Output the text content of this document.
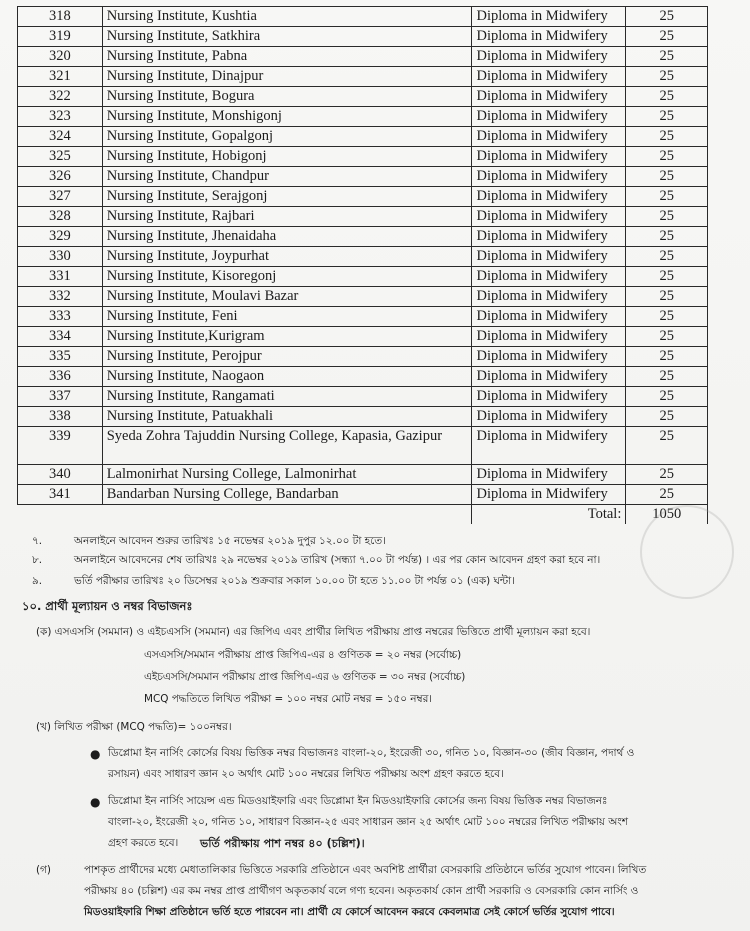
318	Nursing Institute, Kushtia	Diploma in Midwifery	25
319	Nursing Institute, Satkhira	Diploma in Midwifery	25
320	Nursing Institute, Pabna	Diploma in Midwifery	25
321	Nursing Institute, Dinajpur	Diploma in Midwifery	25
322	Nursing Institute, Bogura	Diploma in Midwifery	25
323	Nursing Institute, Monshigonj	Diploma in Midwifery	25
324	Nursing Institute, Gopalgonj	Diploma in Midwifery	25
325	Nursing Institute, Hobigonj	Diploma in Midwifery	25
326	Nursing Institute, Chandpur	Diploma in Midwifery	25
327	Nursing Institute, Serajgonj	Diploma in Midwifery	25
328	Nursing Institute, Rajbari	Diploma in Midwifery	25
329	Nursing Institute, Jhenaidaha	Diploma in Midwifery	25
330	Nursing Institute, Joypurhat	Diploma in Midwifery	25
331	Nursing Institute, Kisoregonj	Diploma in Midwifery	25
332	Nursing Institute, Moulavi Bazar	Diploma in Midwifery	25
333	Nursing Institute, Feni	Diploma in Midwifery	25
334	Nursing Institute,Kurigram	Diploma in Midwifery	25
335	Nursing Institute, Perojpur	Diploma in Midwifery	25
336	Nursing Institute, Naogaon	Diploma in Midwifery	25
337	Nursing Institute, Rangamati	Diploma in Midwifery	25
338	Nursing Institute, Patuakhali	Diploma in Midwifery	25
339	Syeda Zohra Tajuddin Nursing College, Kapasia, Gazipur	Diploma in Midwifery	25
340	Lalmonirhat Nursing College, Lalmonirhat	Diploma in Midwifery	25
341	Bandarban Nursing College, Bandarban	Diploma in Midwifery	25
		Total:	1050
৭.	অনলাইনে আবেদন শুরুর তারিখঃ ১৫ নভেম্বর ২০১৯ দুপুর ১২.০০ টা হতে।
৮.	অনলাইনে আবেদনের শেষ তারিখঃ ২৯ নভেম্বর ২০১৯ তারিখ (সন্ধ্যা ৭.০০ টা পর্যন্ত) । এর পর কোন আবেদন গ্রহণ করা হবে না।
৯.	ভর্তি পরীক্ষার তারিখঃ ২০ ডিসেম্বর ২০১৯ শুক্রবার সকাল ১০.০০ টা হতে ১১.০০ টা পর্যন্ত ০১ (এক) ঘন্টা।
১০. প্রার্থী মূল্যায়ন ও নম্বর বিভাজনঃ
(ক) এসএসসি (সমমান) ও এইচএসসি (সমমান) এর জিপিএ এবং প্রার্থীর লিখিত পরীক্ষায় প্রাপ্ত নম্বরের ভিত্তিতে প্রার্থী মূল্যায়ন করা হবে।
এসএসসি/সমমান পরীক্ষায় প্রাপ্ত জিপিএ-এর ৪ গুণিতক = ২০ নম্বর (সর্বোচ্চ)
এইচএসসি/সমমান পরীক্ষায় প্রাপ্ত জিপিএ-এর ৬ গুণিতক = ৩০ নম্বর (সর্বোচ্চ)
MCQ পদ্ধতিতে লিখিত পরীক্ষা = ১০০ নম্বর মোট নম্বর = ১৫০ নম্বর।
(খ) লিখিত পরীক্ষা (MCQ পদ্ধতি)= ১০০নম্বর।
● ডিপ্লোমা ইন নার্সিং কোর্সের বিষয় ভিত্তিক নম্বর বিভাজনঃ বাংলা-২০, ইংরেজী ৩০, গনিত ১০, বিজ্ঞান-৩০ (জীব বিজ্ঞান, পদার্থ ও
রসায়ন) এবং সাধারণ জ্ঞান ২০ অর্থাৎ মোট ১০০ নম্বরের লিখিত পরীক্ষায় অংশ গ্রহণ করতে হবে।
● ডিপ্লোমা ইন নার্সিং সায়েন্স এন্ড মিডওয়াইফারি এবং ডিপ্লোমা ইন মিডওয়াইফারি কোর্সের জন্য বিষয় ভিত্তিক নম্বর বিভাজনঃ
বাংলা-২০, ইংরেজী ২০, গনিত ১০, সাধারণ বিজ্ঞান-২৫ এবং সাধারন জ্ঞান ২৫ অর্থাৎ মোট ১০০ নম্বরের লিখিত পরীক্ষায় অংশ
গ্রহণ করতে হবে। ভর্তি পরীক্ষায় পাশ নম্বর ৪০ (চল্লিশ)।
(গ)	পাশকৃত প্রার্থীদের মধ্যে মেধাতালিকার ভিত্তিতে সরকারি প্রতিষ্ঠানে এবং অবশিষ্ট প্রার্থীরা বেসরকারি প্রতিষ্ঠানে ভর্তির সুযোগ পাবেন। লিখিত
পরীক্ষায় ৪০ (চল্লিশ) এর কম নম্বর প্রাপ্ত প্রার্থীগণ অকৃতকার্য বলে গণ্য হবেন। অকৃতকার্য কোন প্রার্থী সরকারি ও বেসরকারি কোন নার্সিং ও
মিডওয়াইফারি শিক্ষা প্রতিষ্ঠানে ভর্তি হতে পারবেন না। প্রার্থী যে কোর্সে আবেদন করবে কেবলমাত্র সেই কোর্সে ভর্তির সুযোগ পাবে।
